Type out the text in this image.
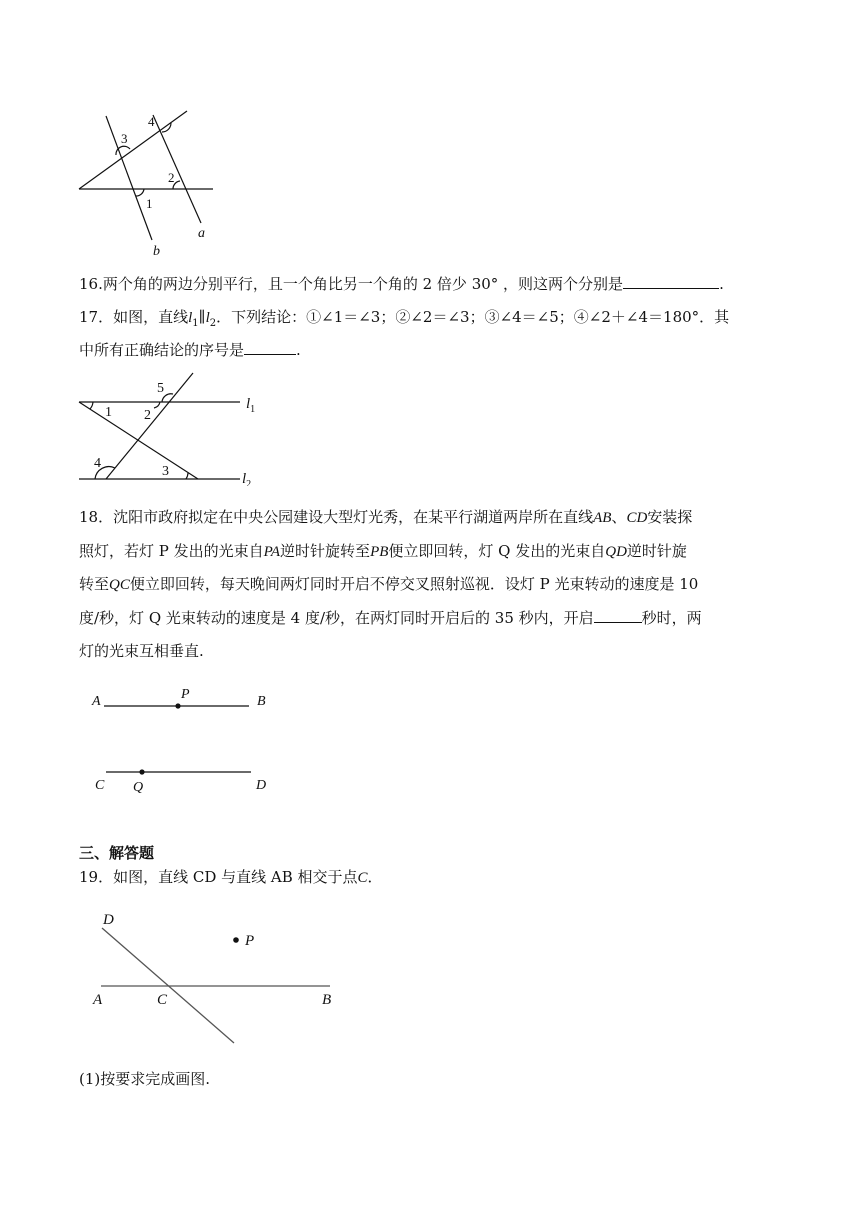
3
4
2
1
b
a
16.两个角的两边分别平行，且一个角比另一个角的 2 倍少 30° ，则这两个分别是	.
17．如图，直线$l_1\parallel l_2$．下列结论：①∠1＝∠3；②∠2＝∠3；③∠4＝∠5；④∠2＋∠4＝180°．其
中所有正确结论的序号是	.
5
1 2
4
3
$l_1$
$l_2$
18．沈阳市政府拟定在中央公园建设大型灯光秀，在某平行湖道两岸所在直线AB、CD安装探
照灯，若灯 P 发出的光束自PA逆时针旋转至PB便立即回转，灯 Q 发出的光束自QD逆时针旋
转至QC便立即回转，每天晚间两灯同时开启不停交叉照射巡视．设灯 P 光束转动的速度是 10
度/秒，灯 Q 光束转动的速度是 4 度/秒，在两灯同时开启后的 35 秒内，开启	秒时，两
灯的光束互相垂直.
A	P	B
C Q	D
三、解答题
19．如图，直线 CD 与直线 AB 相交于点C．
D
P
A	C	B
(1)按要求完成画图.
